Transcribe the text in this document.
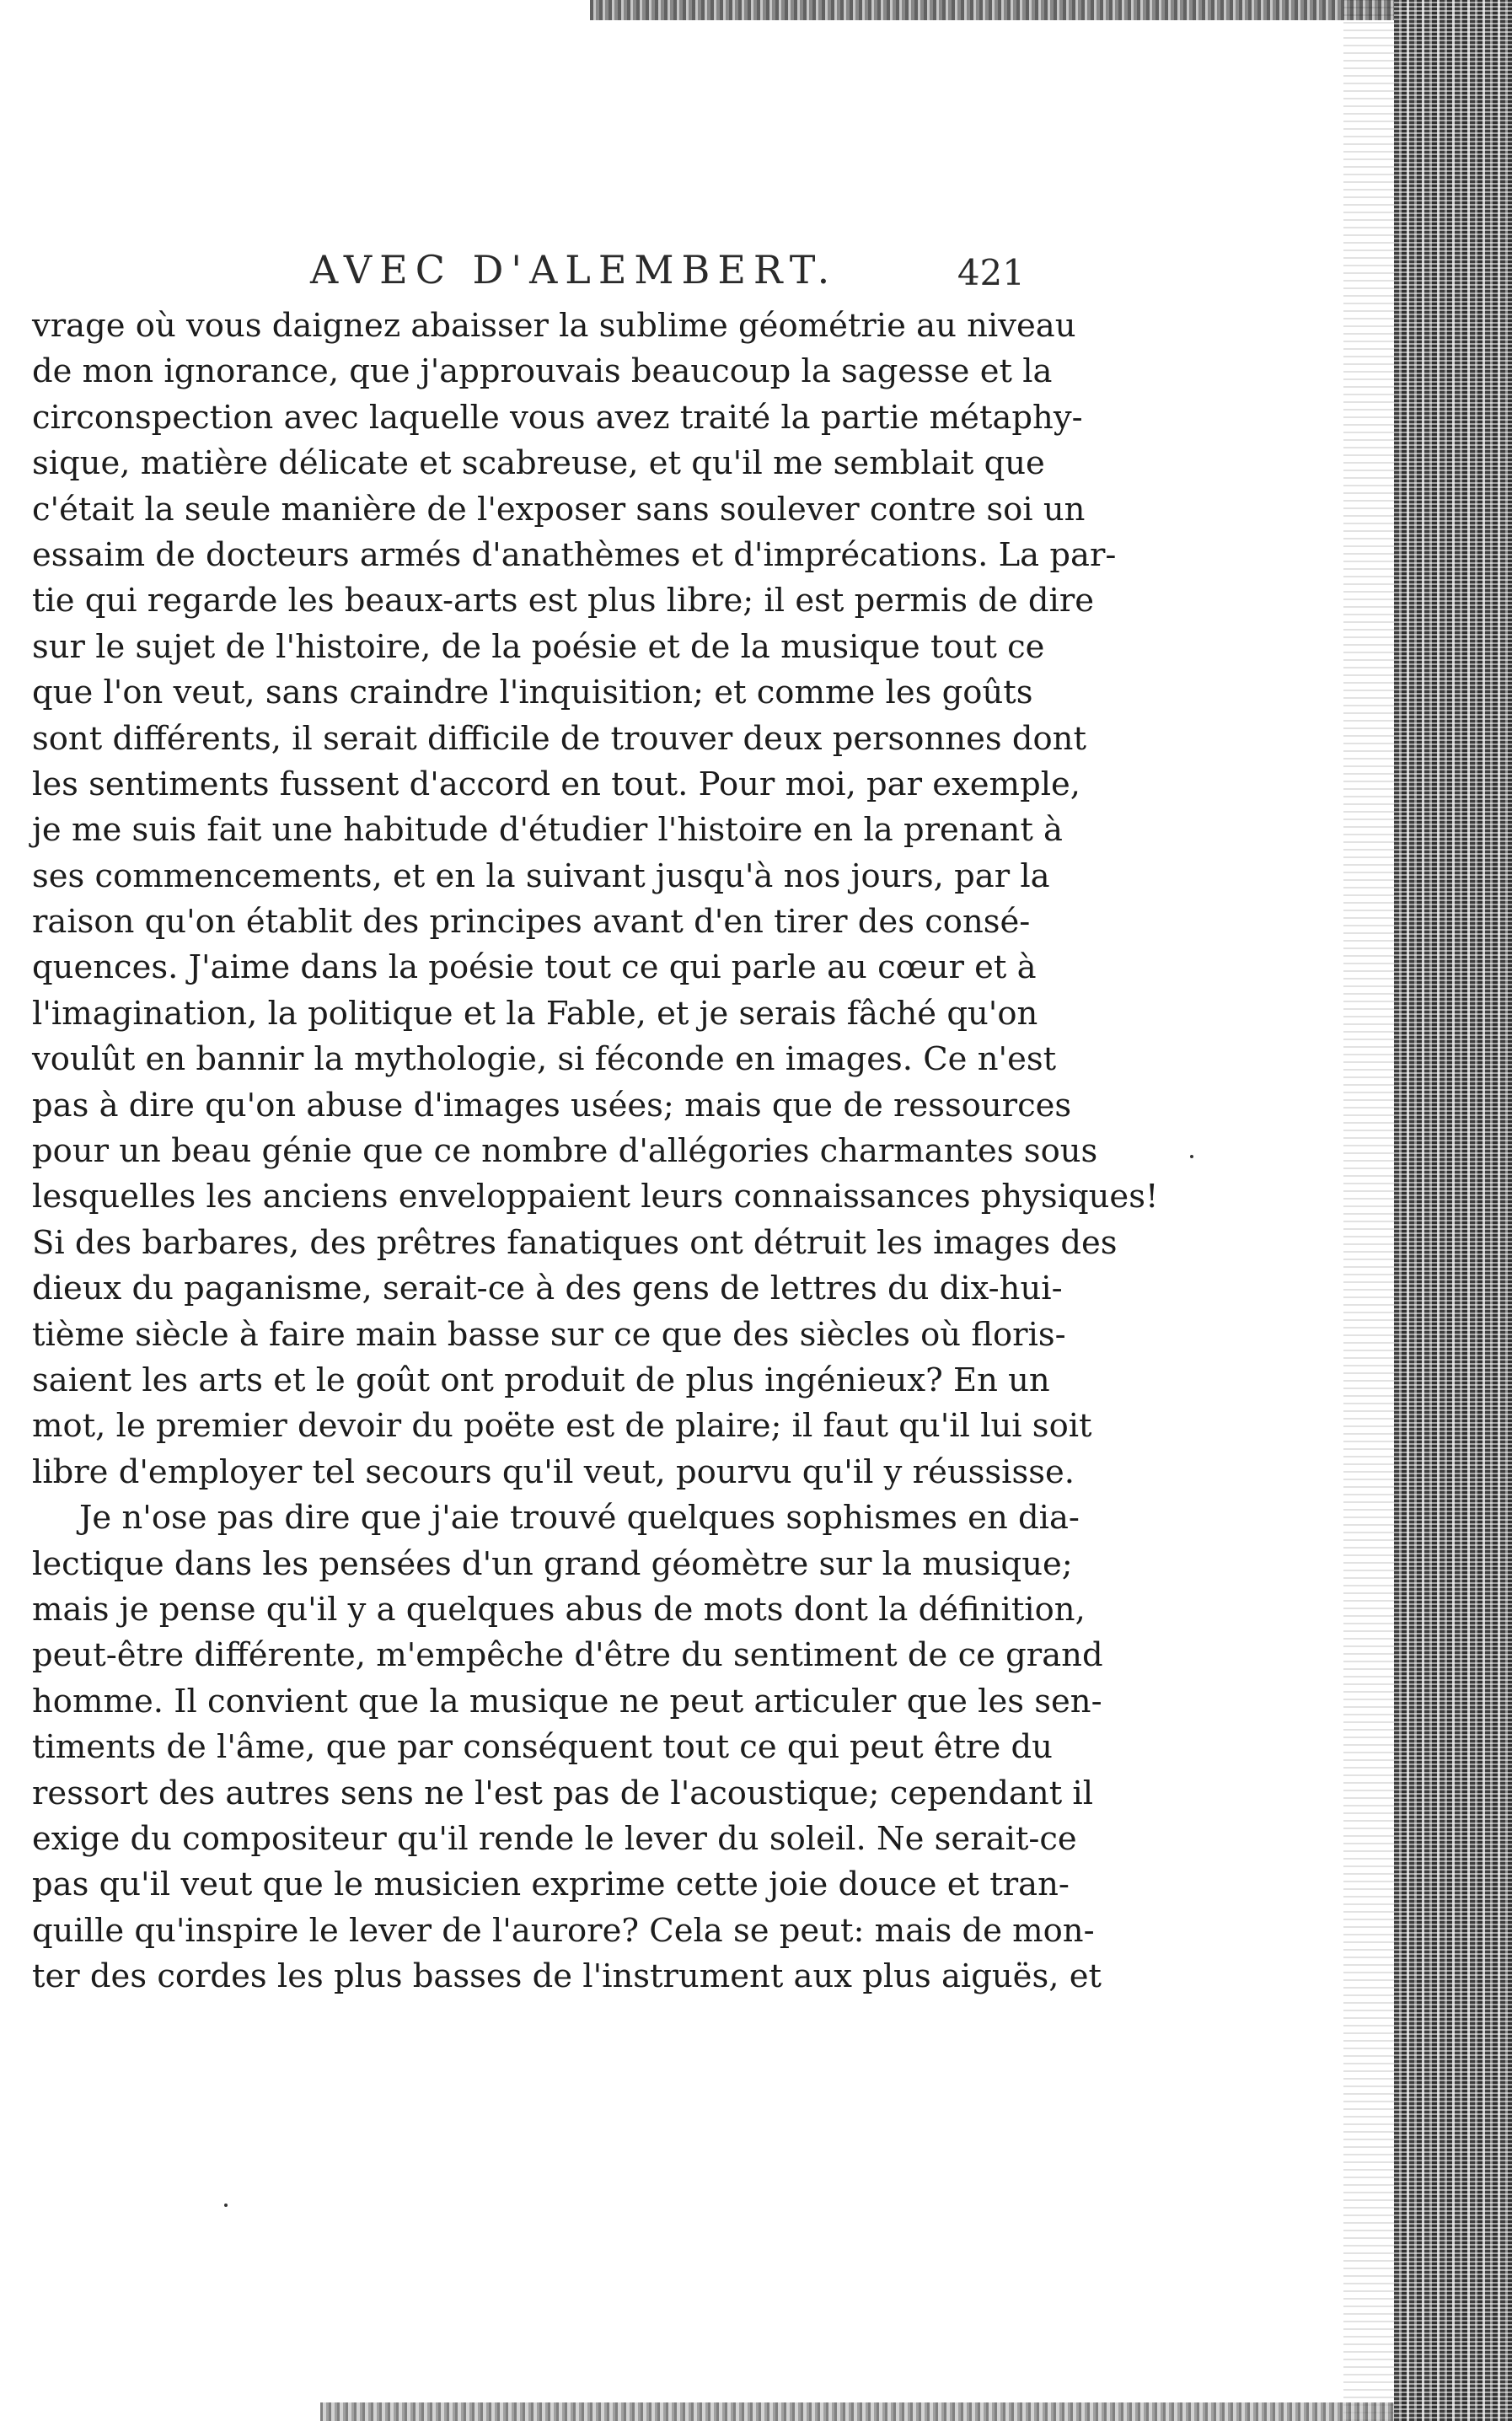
AVEC D'ALEMBERT.	421
vrage où vous daignez abaisser la sublime géométrie au niveau
de mon ignorance, que j'approuvais beaucoup la sagesse et la
circonspection avec laquelle vous avez traité la partie métaphy-
sique, matière délicate et scabreuse, et qu'il me semblait que
c'était la seule manière de l'exposer sans soulever contre soi un
essaim de docteurs armés d'anathèmes et d'imprécations. La par-
tie qui regarde les beaux-arts est plus libre; il est permis de dire
sur le sujet de l'histoire, de la poésie et de la musique tout ce
que l'on veut, sans craindre l'inquisition; et comme les goûts
sont différents, il serait difficile de trouver deux personnes dont
les sentiments fussent d'accord en tout. Pour moi, par exemple,
je me suis fait une habitude d'étudier l'histoire en la prenant à
ses commencements, et en la suivant jusqu'à nos jours, par la
raison qu'on établit des principes avant d'en tirer des consé-
quences. J'aime dans la poésie tout ce qui parle au cœur et à
l'imagination, la politique et la Fable, et je serais fâché qu'on
voulût en bannir la mythologie, si féconde en images. Ce n'est
pas à dire qu'on abuse d'images usées; mais que de ressources
pour un beau génie que ce nombre d'allégories charmantes sous
lesquelles les anciens enveloppaient leurs connaissances physiques!
Si des barbares, des prêtres fanatiques ont détruit les images des
dieux du paganisme, serait-ce à des gens de lettres du dix-hui-
tième siècle à faire main basse sur ce que des siècles où floris-
saient les arts et le goût ont produit de plus ingénieux? En un
mot, le premier devoir du poëte est de plaire; il faut qu'il lui soit
libre d'employer tel secours qu'il veut, pourvu qu'il y réussisse.
Je n'ose pas dire que j'aie trouvé quelques sophismes en dia-
lectique dans les pensées d'un grand géomètre sur la musique;
mais je pense qu'il y a quelques abus de mots dont la définition,
peut-être différente, m'empêche d'être du sentiment de ce grand
homme. Il convient que la musique ne peut articuler que les sen-
timents de l'âme, que par conséquent tout ce qui peut être du
ressort des autres sens ne l'est pas de l'acoustique; cependant il
exige du compositeur qu'il rende le lever du soleil. Ne serait-ce
pas qu'il veut que le musicien exprime cette joie douce et tran-
quille qu'inspire le lever de l'aurore? Cela se peut: mais de mon-
ter des cordes les plus basses de l'instrument aux plus aiguës, et
